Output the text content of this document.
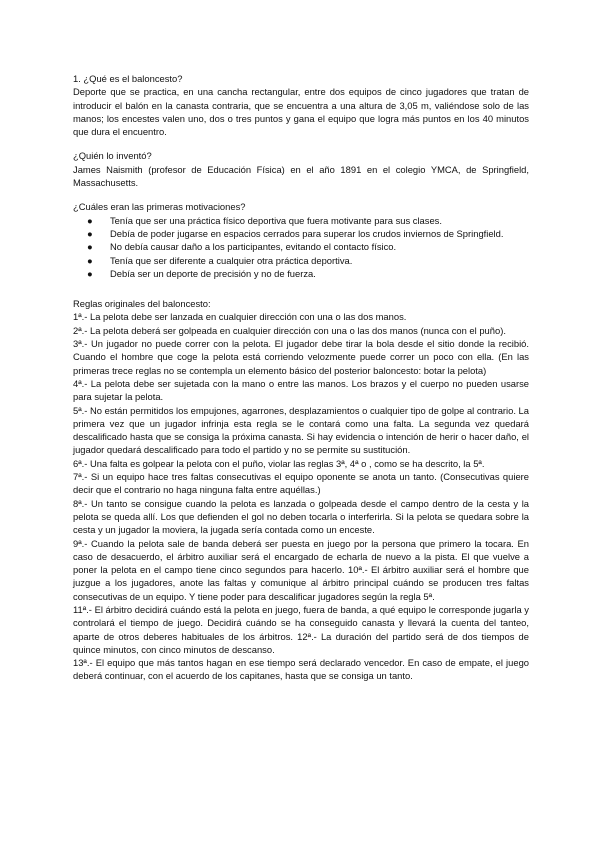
1. ¿Qué es el baloncesto?

Deporte que se practica, en una cancha rectangular, entre dos equipos de cinco jugadores que tratan de introducir el balón en la canasta contraria, que se encuentra a una altura de 3,05 m, valiéndose solo de las manos; los encestes valen uno, dos o tres puntos y gana el equipo que logra más puntos en los 40 minutos que dura el encuentro.

¿Quién lo inventó?

James Naismith (profesor de Educación Física) en el año 1891 en el colegio YMCA, de Springfield, Massachusetts.

¿Cuáles eran las primeras motivaciones?

● Tenía que ser una práctica físico deportiva que fuera motivante para sus clases.
● Debía de poder jugarse en espacios cerrados para superar los crudos inviernos de Springfield.
● No debía causar daño a los participantes, evitando el contacto físico.
● Tenía que ser diferente a cualquier otra práctica deportiva.
● Debía ser un deporte de precisión y no de fuerza.

Reglas originales del baloncesto:

1ª.- La pelota debe ser lanzada en cualquier dirección con una o las dos manos.

2ª.- La pelota deberá ser golpeada en cualquier dirección con una o las dos manos (nunca con el puño).

3ª.- Un jugador no puede correr con la pelota. El jugador debe tirar la bola desde el sitio donde la recibió. Cuando el hombre que coge la pelota está corriendo velozmente puede correr un poco con ella. (En las primeras trece reglas no se contempla un elemento básico del posterior baloncesto: botar la pelota)

4ª.- La pelota debe ser sujetada con la mano o entre las manos. Los brazos y el cuerpo no pueden usarse para sujetar la pelota.

5ª.- No están permitidos los empujones, agarrones, desplazamientos o cualquier tipo de golpe al contrario. La primera vez que un jugador infrinja esta regla se le contará como una falta. La segunda vez quedará descalificado hasta que se consiga la próxima canasta. Si hay evidencia o intención de herir o hacer daño, el jugador quedará descalificado para todo el partido y no se permite su sustitución.

6ª.- Una falta es golpear la pelota con el puño, violar las reglas 3ª, 4ª o , como se ha descrito, la 5ª.

7ª.- Si un equipo hace tres faltas consecutivas el equipo oponente se anota un tanto. (Consecutivas quiere decir que el contrario no haga ninguna falta entre aquéllas.)

8ª.- Un tanto se consigue cuando la pelota es lanzada o golpeada desde el campo dentro de la cesta y la pelota se queda allí. Los que defienden el gol no deben tocarla o interferirla. Si la pelota se quedara sobre la cesta y un jugador la moviera, la jugada sería contada como un enceste.

9ª.- Cuando la pelota sale de banda deberá ser puesta en juego por la persona que primero la tocara. En caso de desacuerdo, el árbitro auxiliar será el encargado de echarla de nuevo a la pista. El que vuelve a poner la pelota en el campo tiene cinco segundos para hacerlo. 10ª.- El árbitro auxiliar será el hombre que juzgue a los jugadores, anote las faltas y comunique al árbitro principal cuándo se producen tres faltas consecutivas de un equipo. Y tiene poder para descalificar jugadores según la regla 5ª.

11ª.- El árbitro decidirá cuándo está la pelota en juego, fuera de banda, a qué equipo le corresponde jugarla y controlará el tiempo de juego. Decidirá cuándo se ha conseguido canasta y llevará la cuenta del tanteo, aparte de otros deberes habituales de los árbitros. 12ª.- La duración del partido será de dos tiempos de quince minutos, con cinco minutos de descanso.

13ª.- El equipo que más tantos hagan en ese tiempo será declarado vencedor. En caso de empate, el juego deberá continuar, con el acuerdo de los capitanes, hasta que se consiga un tanto.
